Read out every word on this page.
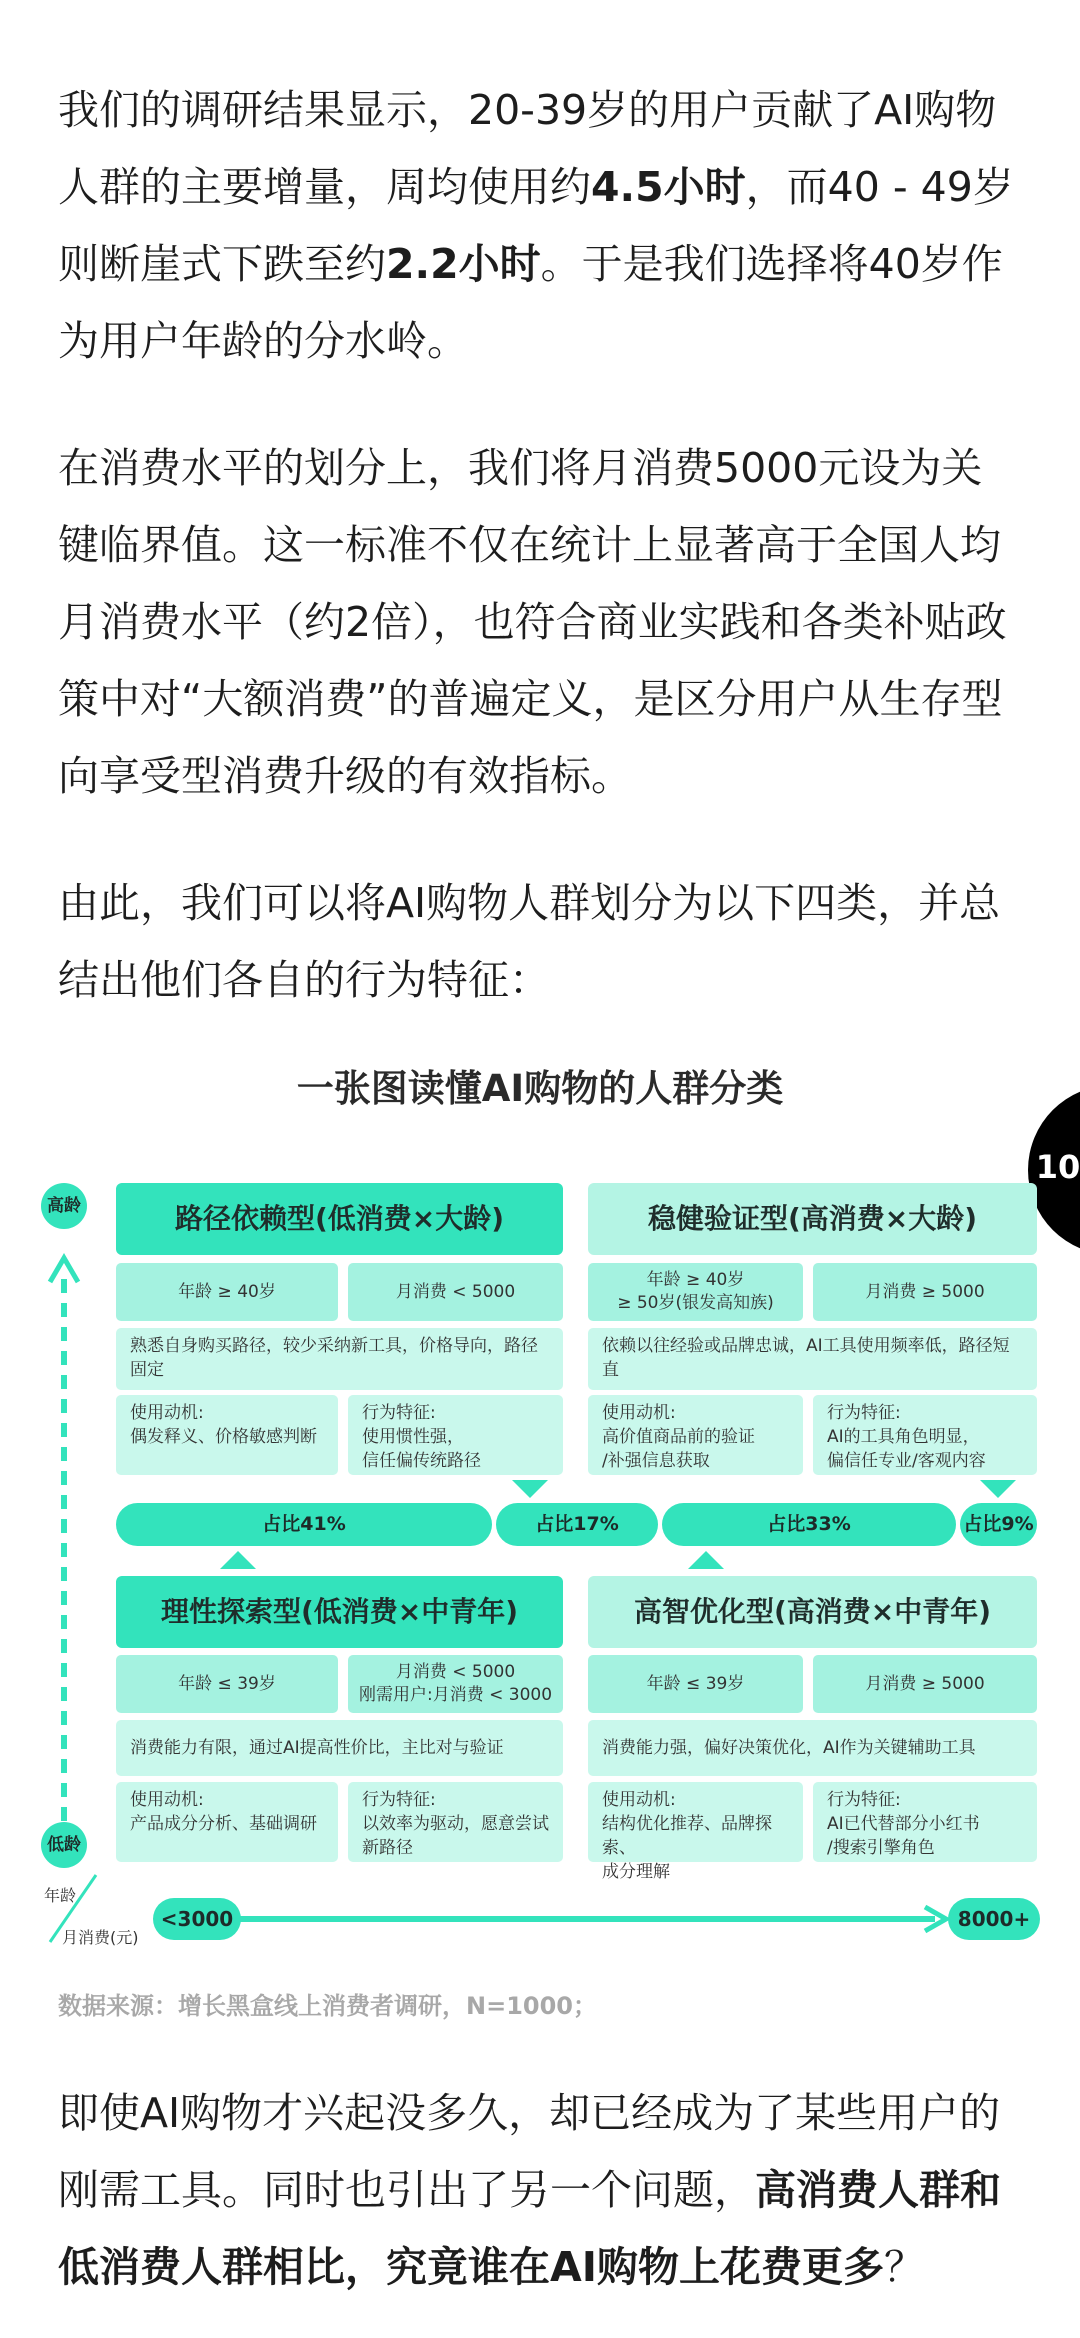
我们的调研结果显示，20-39岁的用户贡献了AI购物人群的主要增量，周均使用约4.5小时，而40 - 49岁则断崖式下跌至约2.2小时。于是我们选择将40岁作为用户年龄的分水岭。

在消费水平的划分上，我们将月消费5000元设为关键临界值。这一标准不仅在统计上显著高于全国人均月消费水平（约2倍），也符合商业实践和各类补贴政策中对“大额消费”的普遍定义，是区分用户从生存型向享受型消费升级的有效指标。

由此，我们可以将AI购物人群划分为以下四类，并总结出他们各自的行为特征：

一张图读懂AI购物的人群分类
10
高龄
低龄
年龄
月消费(元)
<3000	8000+
路径依赖型(低消费×大龄)
年龄 ≥ 40岁	月消费 < 5000
熟悉自身购买路径，较少采纳新工具，价格导向，路径固定
使用动机:
偶发释义、价格敏感判断
行为特征:
使用惯性强，
信任偏传统路径
稳健验证型(高消费×大龄)
年龄 ≥ 40岁
≥ 50岁(银发高知族)
月消费 ≥ 5000
依赖以往经验或品牌忠诚，AI工具使用频率低，路径短直
使用动机:
高价值商品前的验证
/补强信息获取
行为特征:
AI的工具角色明显，
偏信任专业/客观内容
占比41%	占比17%	占比33%	占比9%
理性探索型(低消费×中青年)
年龄 ≤ 39岁
月消费 < 5000
刚需用户:月消费 < 3000
消费能力有限，通过AI提高性价比，主比对与验证
使用动机:
产品成分分析、基础调研
行为特征:
以效率为驱动，愿意尝试
新路径
高智优化型(高消费×中青年)
年龄 ≤ 39岁	月消费 ≥ 5000
消费能力强，偏好决策优化，AI作为关键辅助工具
使用动机:
结构优化推荐、品牌探索、
成分理解
行为特征:
AI已代替部分小红书
/搜索引擎角色
数据来源：增长黑盒线上消费者调研，N=1000；

即使AI购物才兴起没多久，却已经成为了某些用户的刚需工具。同时也引出了另一个问题，高消费人群和低消费人群相比，究竟谁在AI购物上花费更多？
